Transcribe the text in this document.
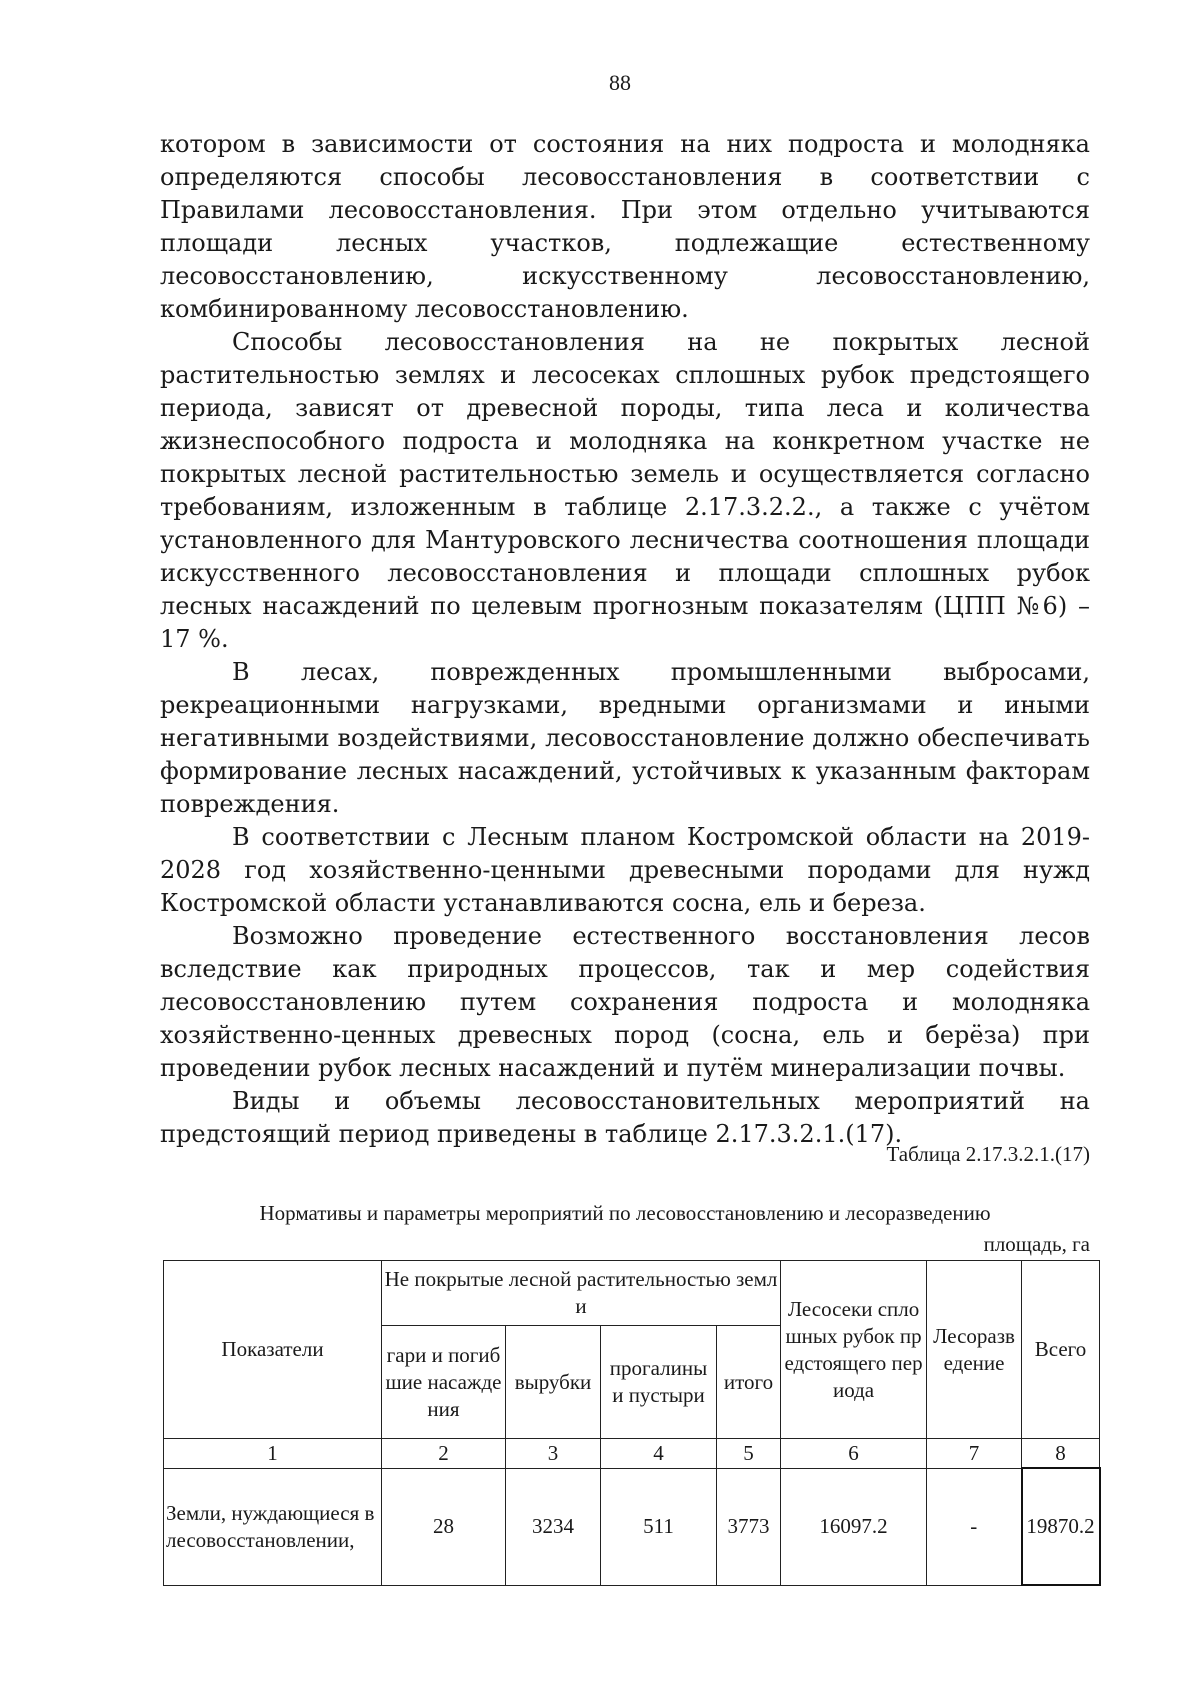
88

котором в зависимости от состояния на них подроста и молодняка определяются способы лесовосстановления в соответствии с Правилами лесовосстановления. При этом отдельно учитываются площади лесных участков, подлежащие естественному лесовосстановлению, искусственному лесовосстановлению, комбинированному лесовосстановлению.

Способы лесовосстановления на не покрытых лесной растительностью землях и лесосеках сплошных рубок предстоящего периода, зависят от древесной породы, типа леса и количества жизнеспособного подроста и молодняка на конкретном участке не покрытых лесной растительностью земель и осуществляется согласно требованиям, изложенным в таблице 2.17.3.2.2., а также с учётом установленного для Мантуровского лесничества соотношения площади искусственного лесовосстановления и площади сплошных рубок лесных насаждений по целевым прогнозным показателям (ЦПП №6) – 17 %.

В лесах, поврежденных промышленными выбросами, рекреационными нагрузками, вредными организмами и иными негативными воздействиями, лесовосстановление должно обеспечивать формирование лесных насаждений, устойчивых к указанным факторам повреждения.

В соответствии с Лесным планом Костромской области на 2019-2028 год хозяйственно-ценными древесными породами для нужд Костромской области устанавливаются сосна, ель и береза.

Возможно проведение естественного восстановления лесов вследствие как природных процессов, так и мер содействия лесовосстановлению путем сохранения подроста и молодняка хозяйственно-ценных древесных пород (сосна, ель и берёза) при проведении рубок лесных насаждений и путём минерализации почвы.

Виды и объемы лесовосстановительных мероприятий на предстоящий период приведены в таблице 2.17.3.2.1.(17).

Таблица 2.17.3.2.1.(17)
Нормативы и параметры мероприятий по лесовосстановлению и лесоразведению
площадь, га
Показатели	Не покрытые лесной растительностью земли				Лесосеки сплошных рубок предстоящего периода	Лесоразведение	Всего
	гари и погибшие насаждения	вырубки	прогалины и пустыри	итого			
1	2	3	4	5	6	7	8
Земли, нуждающиеся в лесовосстановлении,	28	3234	511	3773	16097.2	-	19870.2
